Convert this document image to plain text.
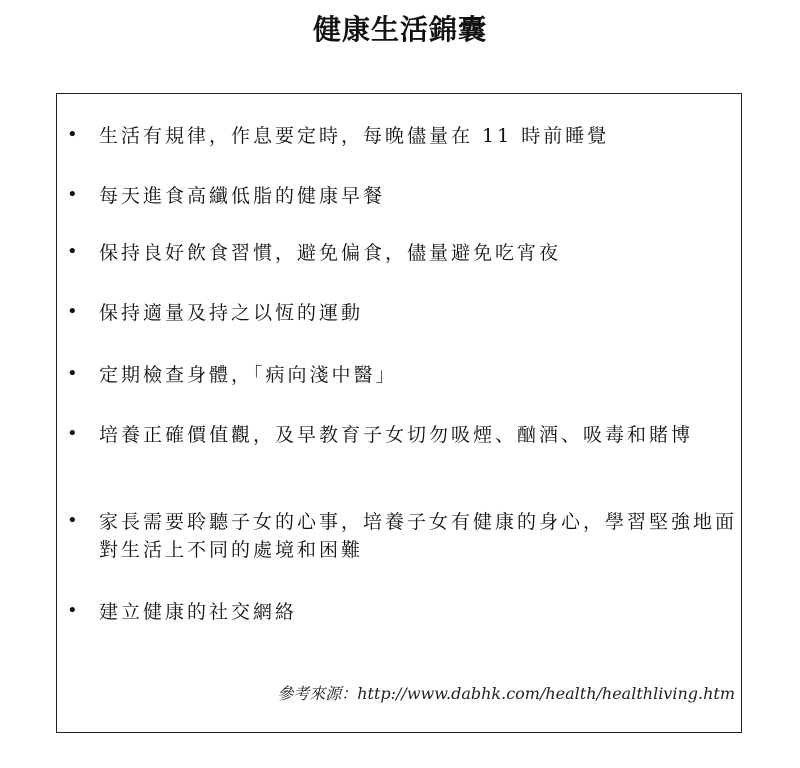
健康生活錦囊
• 生活有規律，作息要定時，每晚儘量在 11 時前睡覺
• 每天進食高纖低脂的健康早餐
• 保持良好飲食習慣，避免偏食，儘量避免吃宵夜
• 保持適量及持之以恆的運動
• 定期檢查身體，「病向淺中醫」
• 培養正確價值觀，及早教育子女切勿吸煙、酗酒、吸毒和賭博
• 家長需要聆聽子女的心事，培養子女有健康的身心，學習堅強地面對生活上不同的處境和困難
• 建立健康的社交網絡
參考來源：http://www.dabhk.com/health/healthliving.htm
